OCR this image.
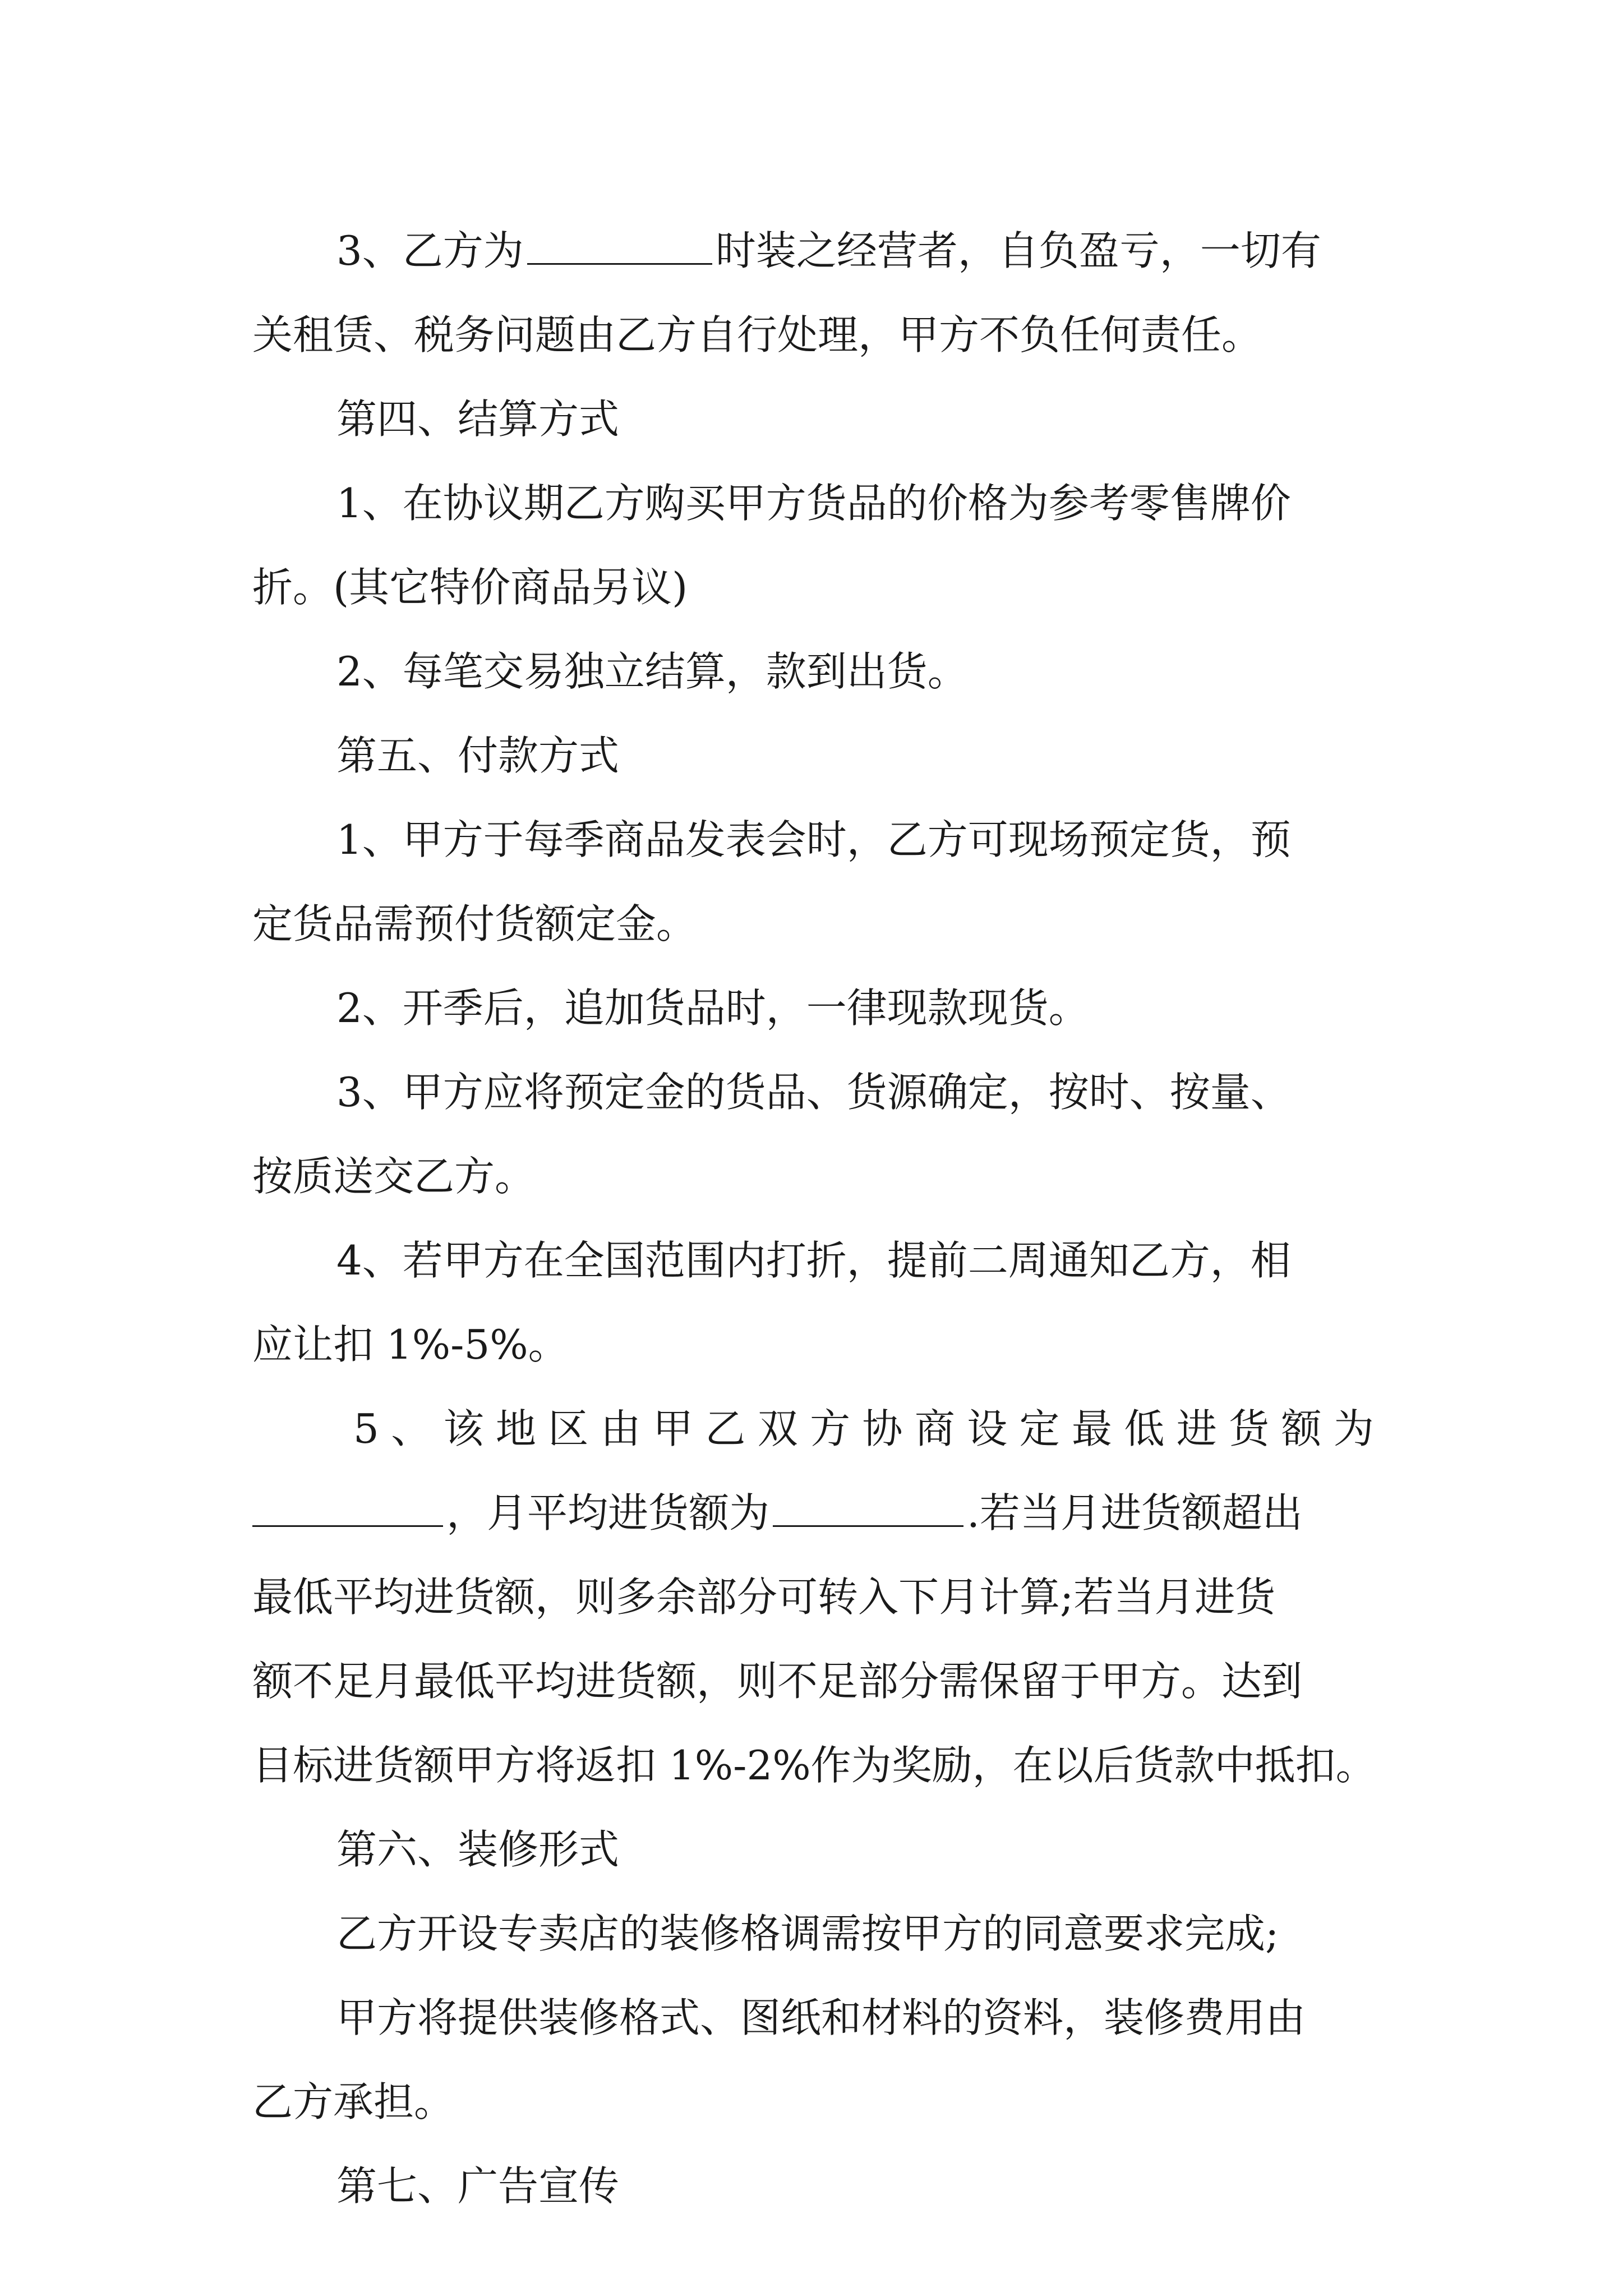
3、乙方为	时装之经营者，自负盈亏，一切有
关租赁、税务问题由乙方自行处理，甲方不负任何责任。
第四、结算方式
1、在协议期乙方购买甲方货品的价格为参考零售牌价
折。(其它特价商品另议)
2、每笔交易独立结算，款到出货。
第五、付款方式
1、甲方于每季商品发表会时，乙方可现场预定货，预
定货品需预付货额定金。
2、开季后，追加货品时，一律现款现货。
3、甲方应将预定金的货品、货源确定，按时、按量、
按质送交乙方。
4、若甲方在全国范围内打折，提前二周通知乙方，相
应让扣 1%-5%。
5 、 该 地 区 由 甲 乙 双 方 协 商 设 定 最 低 进 货 额 为
，月平均进货额为	.若当月进货额超出
最低平均进货额，则多余部分可转入下月计算;若当月进货
额不足月最低平均进货额，则不足部分需保留于甲方。达到
目标进货额甲方将返扣 1%-2%作为奖励，在以后货款中抵扣。
第六、装修形式
乙方开设专卖店的装修格调需按甲方的同意要求完成;
甲方将提供装修格式、图纸和材料的资料，装修费用由
乙方承担。
第七、广告宣传
